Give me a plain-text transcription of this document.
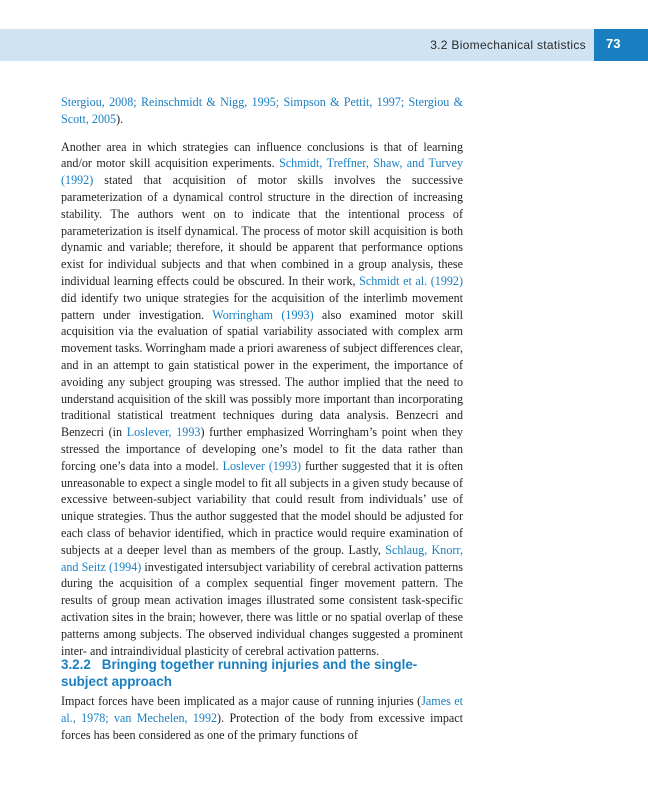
3.2 Biomechanical statistics 73

Stergiou, 2008; Reinschmidt & Nigg, 1995; Simpson & Pettit, 1997; Stergiou & Scott, 2005).

Another area in which strategies can influence conclusions is that of learning and/or motor skill acquisition experiments. Schmidt, Treffner, Shaw, and Turvey (1992) stated that acquisition of motor skills involves the successive parameterization of a dynamical control structure in the direction of increasing stability. The authors went on to indicate that the intentional process of parameterization is itself dynamical. The process of motor skill acquisition is both dynamic and variable; therefore, it should be apparent that performance options exist for individual subjects and that when combined in a group analysis, these individual learning effects could be obscured. In their work, Schmidt et al. (1992) did identify two unique strategies for the acquisition of the interlimb movement pattern under investigation. Worringham (1993) also examined motor skill acquisition via the evaluation of spatial variability associated with complex arm movement tasks. Worringham made a priori awareness of subject differences clear, and in an attempt to gain statistical power in the experiment, the importance of avoiding any subject grouping was stressed. The author implied that the need to understand acquisition of the skill was possibly more important than incorporating traditional statistical treatment techniques during data analysis. Benzecri and Benzecri (in Loslever, 1993) further emphasized Worringham’s point when they stressed the importance of developing one’s model to fit the data rather than forcing one’s data into a model. Loslever (1993) further suggested that it is often unreasonable to expect a single model to fit all subjects in a given study because of excessive between-subject variability that could result from individuals’ use of unique strategies. Thus the author suggested that the model should be adjusted for each class of behavior identified, which in practice would require examination of subjects at a deeper level than as members of the group. Lastly, Schlaug, Knorr, and Seitz (1994) investigated intersubject variability of cerebral activation patterns during the acquisition of a complex sequential finger movement pattern. The results of group mean activation images illustrated some consistent task-specific activation sites in the brain; however, there was little or no spatial overlap of these patterns among subjects. The observed individual changes suggested a prominent inter- and intraindividual plasticity of cerebral activation patterns.

3.2.2 Bringing together running injuries and the single-subject approach

Impact forces have been implicated as a major cause of running injuries (James et al., 1978; van Mechelen, 1992). Protection of the body from excessive impact forces has been considered as one of the primary functions of
